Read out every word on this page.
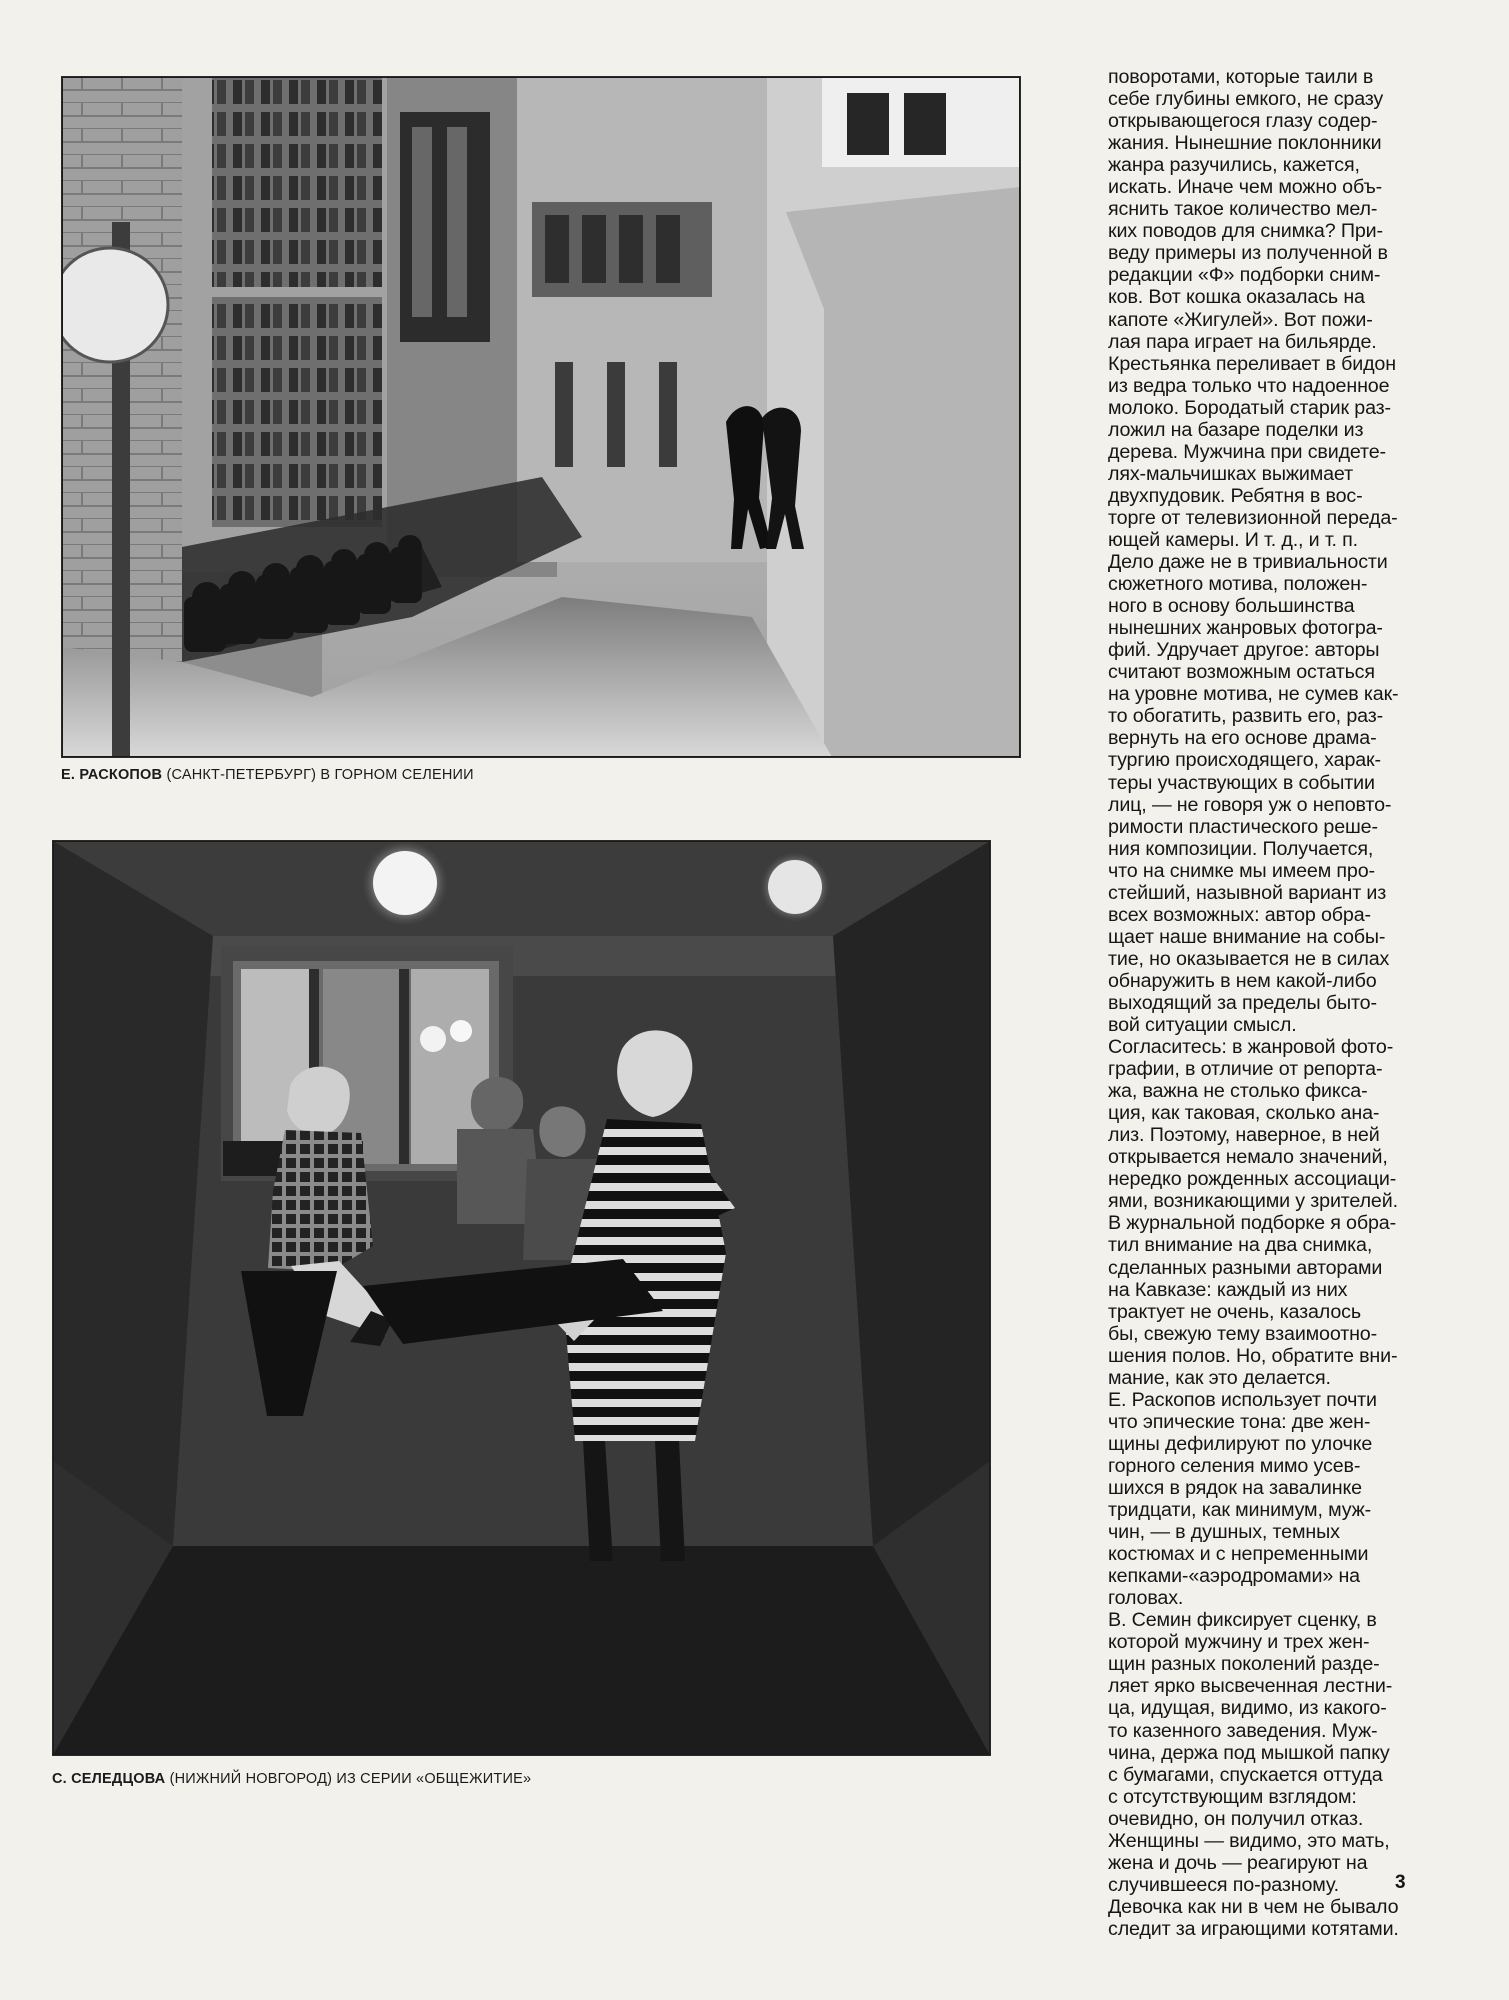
Е. РАСКОПОВ (САНКТ-ПЕТЕРБУРГ) В ГОРНОМ СЕЛЕНИИ
С. СЕЛЕДЦОВА (НИЖНИЙ НОВГОРОД) ИЗ СЕРИИ «ОБЩЕЖИТИЕ»
поворотами, которые таили в
себе глубины емкого, не сразу
открывающегося глазу содер-
жания. Нынешние поклонники
жанра разучились, кажется,
искать. Иначе чем можно объ-
яснить такое количество мел-
ких поводов для снимка? При-
веду примеры из полученной в
редакции «Ф» подборки сним-
ков. Вот кошка оказалась на
капоте «Жигулей». Вот пожи-
лая пара играет на бильярде.
Крестьянка переливает в бидон
из ведра только что надоенное
молоко. Бородатый старик раз-
ложил на базаре поделки из
дерева. Мужчина при свидете-
лях-мальчишках выжимает
двухпудовик. Ребятня в вос-
торге от телевизионной переда-
ющей камеры. И т. д., и т. п.
Дело даже не в тривиальности
сюжетного мотива, положен-
ного в основу большинства
нынешних жанровых фотогра-
фий. Удручает другое: авторы
считают возможным остаться
на уровне мотива, не сумев как-
то обогатить, развить его, раз-
вернуть на его основе драма-
тургию происходящего, харак-
теры участвующих в событии
лиц, — не говоря уж о неповто-
римости пластического реше-
ния композиции. Получается,
что на снимке мы имеем про-
стейший, назывной вариант из
всех возможных: автор обра-
щает наше внимание на собы-
тие, но оказывается не в силах
обнаружить в нем какой-либо
выходящий за пределы быто-
вой ситуации смысл.
Согласитесь: в жанровой фото-
графии, в отличие от репорта-
жа, важна не столько фикса-
ция, как таковая, сколько ана-
лиз. Поэтому, наверное, в ней
открывается немало значений,
нередко рожденных ассоциаци-
ями, возникающими у зрителей.
В журнальной подборке я обра-
тил внимание на два снимка,
сделанных разными авторами
на Кавказе: каждый из них
трактует не очень, казалось
бы, свежую тему взаимоотно-
шения полов. Но, обратите вни-
мание, как это делается.
Е. Раскопов использует почти
что эпические тона: две жен-
щины дефилируют по улочке
горного селения мимо усев-
шихся в рядок на завалинке
тридцати, как минимум, муж-
чин, — в душных, темных
костюмах и с непременными
кепками-«аэродромами» на
головах.
В. Семин фиксирует сценку, в
которой мужчину и трех жен-
щин разных поколений разде-
ляет ярко высвеченная лестни-
ца, идущая, видимо, из какого-
то казенного заведения. Муж-
чина, держа под мышкой папку
с бумагами, спускается оттуда
с отсутствующим взглядом:
очевидно, он получил отказ.
Женщины — видимо, это мать,
жена и дочь — реагируют на
случившееся по-разному.
Девочка как ни в чем не бывало
следит за играющими котятами.
3
